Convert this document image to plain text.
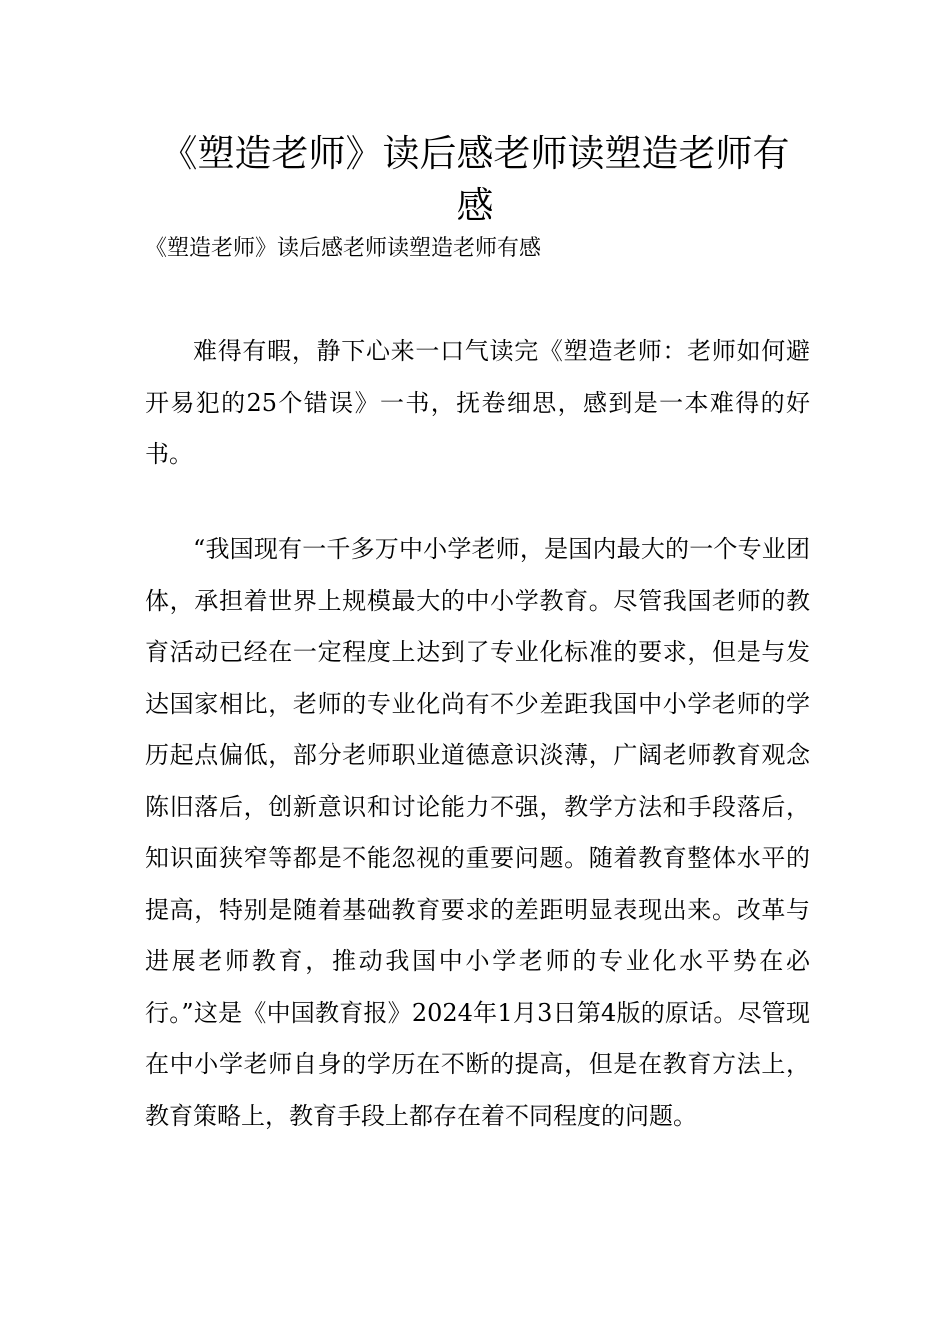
《塑造老师》读后感老师读塑造老师有感

《塑造老师》读后感老师读塑造老师有感

难得有暇，静下心来一口气读完《塑造老师：老师如何避开易犯的25个错误》一书，抚卷细思，感到是一本难得的好书。

“我国现有一千多万中小学老师，是国内最大的一个专业团体，承担着世界上规模最大的中小学教育。尽管我国老师的教育活动已经在一定程度上达到了专业化标准的要求，但是与发达国家相比，老师的专业化尚有不少差距我国中小学老师的学历起点偏低，部分老师职业道德意识淡薄，广阔老师教育观念陈旧落后，创新意识和讨论能力不强，教学方法和手段落后，知识面狭窄等都是不能忽视的重要问题。随着教育整体水平的提高，特别是随着基础教育要求的差距明显表现出来。改革与进展老师教育，推动我国中小学老师的专业化水平势在必行。”这是《中国教育报》2024年1月3日第4版的原话。尽管现在中小学老师自身的学历在不断的提高，但是在教育方法上，教育策略上，教育手段上都存在着不同程度的问题。
